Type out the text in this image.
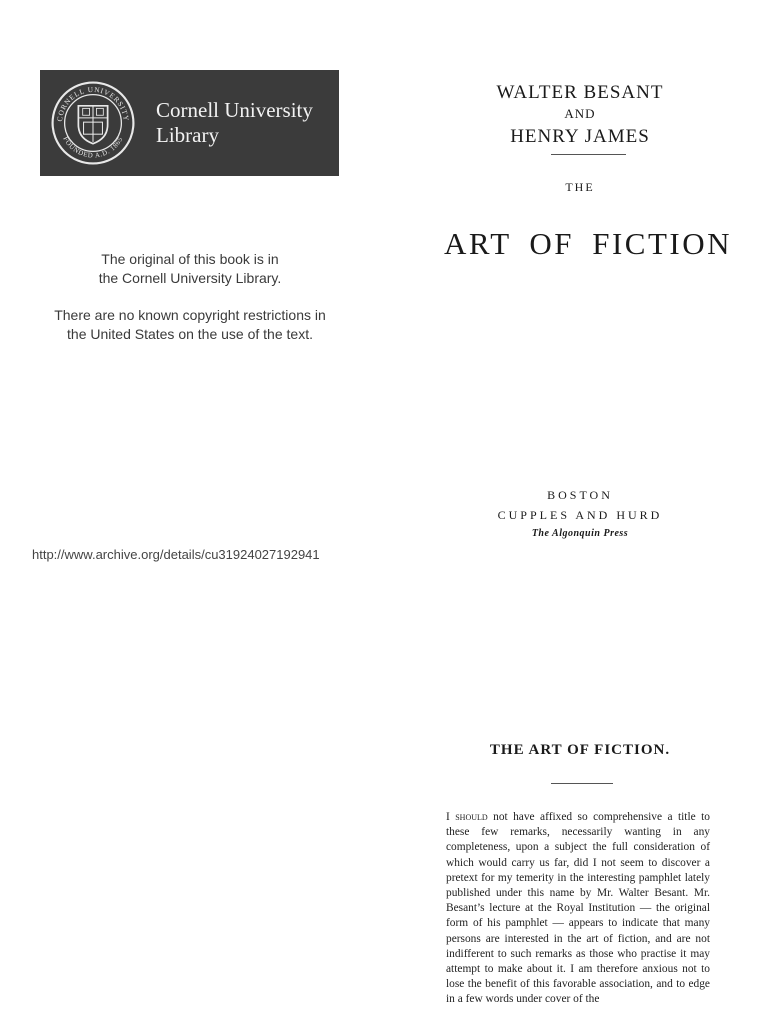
CORNELL UNIVERSITY
FOUNDED A.D. 1865
Cornell University
Library
The original of this book is in
the Cornell University Library.
There are no known copyright restrictions in
the United States on the use of the text.
http://www.archive.org/details/cu31924027192941
WALTER BESANT
AND
HENRY JAMES
THE
ART OF FICTION
BOSTON
CUPPLES AND HURD
The Algonquin Press
THE ART OF FICTION.
I should not have affixed so comprehensive a title to these few remarks, necessarily wanting in any completeness, upon a subject the full consideration of which would carry us far, did I not seem to discover a pretext for my temerity in the interesting pamphlet lately published under this name by Mr. Walter Besant. Mr. Besant’s lecture at the Royal Institution — the original form of his pamphlet — appears to indicate that many persons are interested in the art of fiction, and are not indifferent to such remarks as those who practise it may attempt to make about it. I am therefore anxious not to lose the benefit of this favorable association, and to edge in a few words under cover of the
